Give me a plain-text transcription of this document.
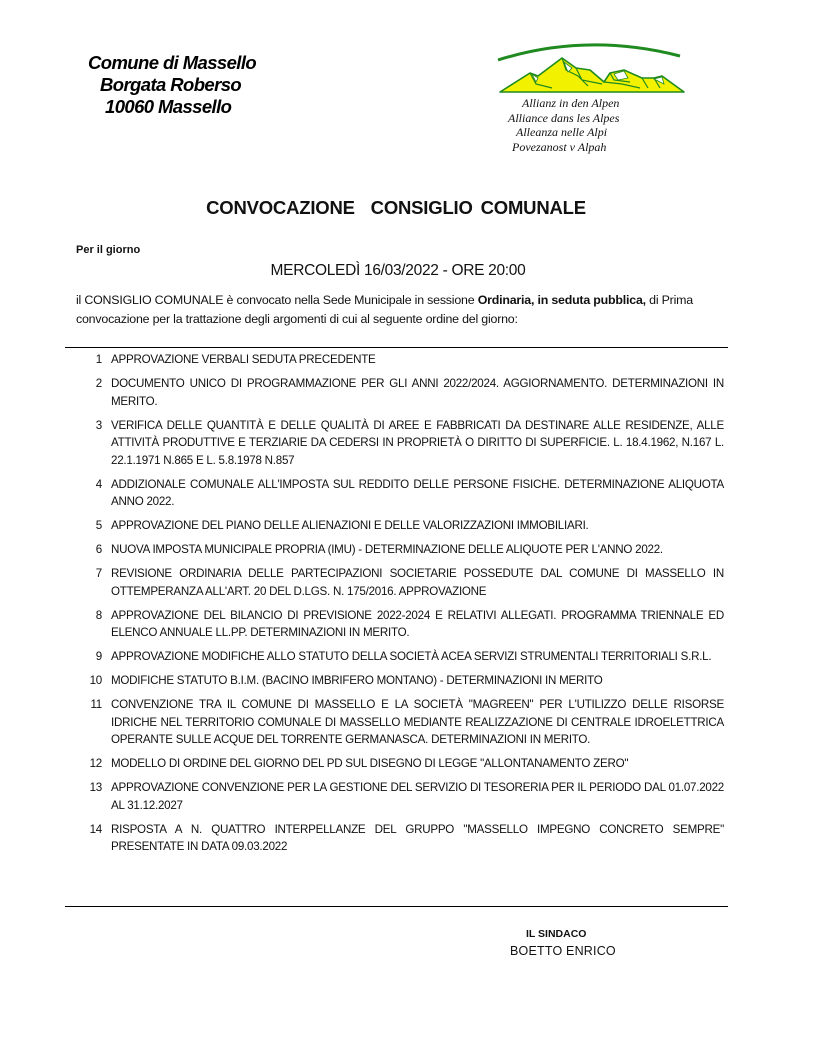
Comune di Massello
Borgata Roberso
10060 Massello	Allianz in den Alpen
Alliance dans les Alpes
Alleanza nelle Alpi
Povezanost v Alpah
CONVOCAZIONE  CONSIGLIO COMUNALE
Per il giorno
MERCOLEDÌ 16/03/2022 - ORE 20:00
il CONSIGLIO COMUNALE è convocato nella Sede Municipale in sessione Ordinaria, in seduta pubblica, di Prima convocazione per la trattazione degli argomenti di cui al seguente ordine del giorno:
1 APPROVAZIONE VERBALI SEDUTA PRECEDENTE
2 DOCUMENTO UNICO DI PROGRAMMAZIONE PER GLI ANNI 2022/2024. AGGIORNAMENTO. DETERMINAZIONI IN MERITO.
3 VERIFICA DELLE QUANTITÀ E DELLE QUALITÀ DI AREE E FABBRICATI DA DESTINARE ALLE RESIDENZE, ALLE ATTIVITÀ PRODUTTIVE E TERZIARIE DA CEDERSI IN PROPRIETÀ O DIRITTO DI SUPERFICIE. L. 18.4.1962, N.167 L. 22.1.1971 N.865 E L. 5.8.1978 N.857
4 ADDIZIONALE COMUNALE ALL'IMPOSTA SUL REDDITO DELLE PERSONE FISICHE. DETERMINAZIONE ALIQUOTA ANNO 2022.
5 APPROVAZIONE DEL PIANO DELLE ALIENAZIONI E DELLE VALORIZZAZIONI IMMOBILIARI.
6 NUOVA IMPOSTA MUNICIPALE PROPRIA (IMU) - DETERMINAZIONE DELLE ALIQUOTE PER L'ANNO 2022.
7 REVISIONE ORDINARIA DELLE PARTECIPAZIONI SOCIETARIE POSSEDUTE DAL COMUNE DI MASSELLO IN OTTEMPERANZA ALL'ART. 20 DEL D.LGS. N. 175/2016. APPROVAZIONE
8 APPROVAZIONE DEL BILANCIO DI PREVISIONE 2022-2024 E RELATIVI ALLEGATI. PROGRAMMA TRIENNALE ED ELENCO ANNUALE LL.PP. DETERMINAZIONI IN MERITO.
9 APPROVAZIONE MODIFICHE ALLO STATUTO DELLA SOCIETÀ ACEA SERVIZI STRUMENTALI TERRITORIALI S.R.L.
10 MODIFICHE STATUTO B.I.M. (BACINO IMBRIFERO MONTANO) - DETERMINAZIONI IN MERITO
11 CONVENZIONE TRA IL COMUNE DI MASSELLO E LA SOCIETÀ "MAGREEN" PER L'UTILIZZO DELLE RISORSE IDRICHE NEL TERRITORIO COMUNALE DI MASSELLO MEDIANTE REALIZZAZIONE DI CENTRALE IDROELETTRICA OPERANTE SULLE ACQUE DEL TORRENTE GERMANASCA. DETERMINAZIONI IN MERITO.
12 MODELLO DI ORDINE DEL GIORNO DEL PD SUL DISEGNO DI LEGGE "ALLONTANAMENTO ZERO"
13 APPROVAZIONE CONVENZIONE PER LA GESTIONE DEL SERVIZIO DI TESORERIA PER IL PERIODO DAL 01.07.2022 AL 31.12.2027
14 RISPOSTA A N. QUATTRO INTERPELLANZE DEL GRUPPO "MASSELLO IMPEGNO CONCRETO SEMPRE" PRESENTATE IN DATA 09.03.2022
IL SINDACO
BOETTO ENRICO
